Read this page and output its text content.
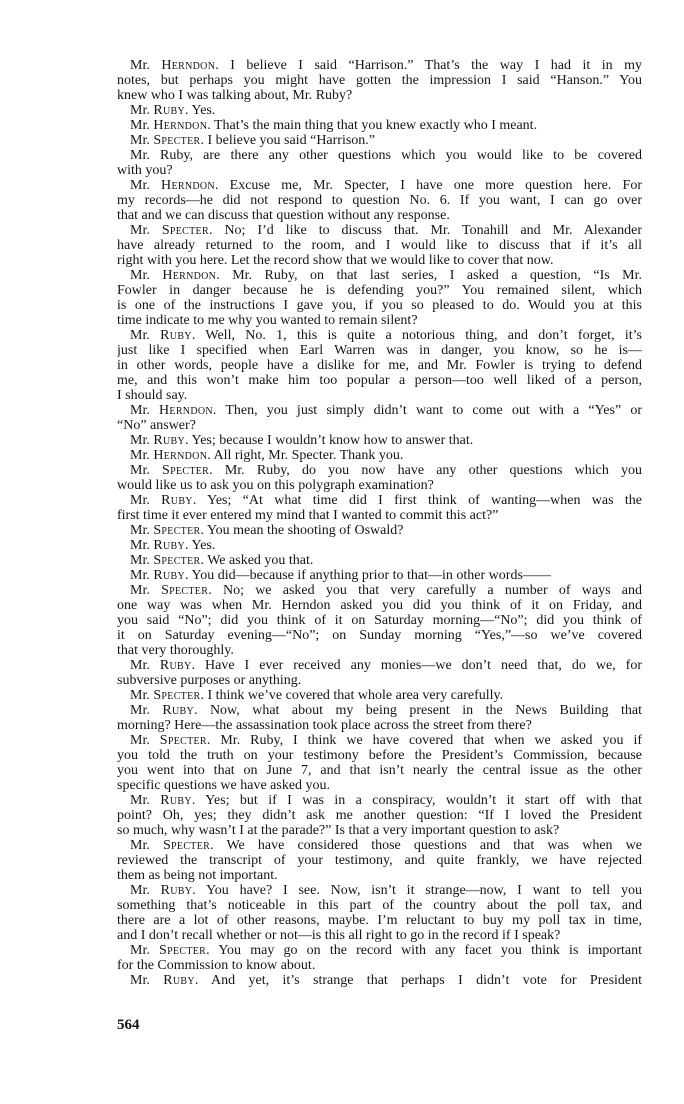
Mr. Herndon. I believe I said “Harrison.” That’s the way I had it in my
notes, but perhaps you might have gotten the impression I said “Hanson.” You
knew who I was talking about, Mr. Ruby?
Mr. Ruby. Yes.
Mr. Herndon. That’s the main thing that you knew exactly who I meant.
Mr. Specter. I believe you said “Harrison.”
Mr. Ruby, are there any other questions which you would like to be covered
with you?
Mr. Herndon. Excuse me, Mr. Specter, I have one more question here. For
my records—he did not respond to question No. 6. If you want, I can go over
that and we can discuss that question without any response.
Mr. Specter. No; I’d like to discuss that. Mr. Tonahill and Mr. Alexander
have already returned to the room, and I would like to discuss that if it’s all
right with you here. Let the record show that we would like to cover that now.
Mr. Herndon. Mr. Ruby, on that last series, I asked a question, “Is Mr.
Fowler in danger because he is defending you?” You remained silent, which
is one of the instructions I gave you, if you so pleased to do. Would you at this
time indicate to me why you wanted to remain silent?
Mr. Ruby. Well, No. 1, this is quite a notorious thing, and don’t forget, it’s
just like I specified when Earl Warren was in danger, you know, so he is—
in other words, people have a dislike for me, and Mr. Fowler is trying to defend
me, and this won’t make him too popular a person—too well liked of a person,
I should say.
Mr. Herndon. Then, you just simply didn’t want to come out with a “Yes” or
“No” answer?
Mr. Ruby. Yes; because I wouldn’t know how to answer that.
Mr. Herndon. All right, Mr. Specter. Thank you.
Mr. Specter. Mr. Ruby, do you now have any other questions which you
would like us to ask you on this polygraph examination?
Mr. Ruby. Yes; “At what time did I first think of wanting—when was the
first time it ever entered my mind that I wanted to commit this act?”
Mr. Specter. You mean the shooting of Oswald?
Mr. Ruby. Yes.
Mr. Specter. We asked you that.
Mr. Ruby. You did—because if anything prior to that—in other words——
Mr. Specter. No; we asked you that very carefully a number of ways and
one way was when Mr. Herndon asked you did you think of it on Friday, and
you said “No”; did you think of it on Saturday morning—“No”; did you think of
it on Saturday evening—“No”; on Sunday morning “Yes,”—so we’ve covered
that very thoroughly.
Mr. Ruby. Have I ever received any monies—we don’t need that, do we, for
subversive purposes or anything.
Mr. Specter. I think we’ve covered that whole area very carefully.
Mr. Ruby. Now, what about my being present in the News Building that
morning? Here—the assassination took place across the street from there?
Mr. Specter. Mr. Ruby, I think we have covered that when we asked you if
you told the truth on your testimony before the President’s Commission, because
you went into that on June 7, and that isn’t nearly the central issue as the other
specific questions we have asked you.
Mr. Ruby. Yes; but if I was in a conspiracy, wouldn’t it start off with that
point? Oh, yes; they didn’t ask me another question: “If I loved the President
so much, why wasn’t I at the parade?” Is that a very important question to ask?
Mr. Specter. We have considered those questions and that was when we
reviewed the transcript of your testimony, and quite frankly, we have rejected
them as being not important.
Mr. Ruby. You have? I see. Now, isn’t it strange—now, I want to tell you
something that’s noticeable in this part of the country about the poll tax, and
there are a lot of other reasons, maybe. I’m reluctant to buy my poll tax in time,
and I don’t recall whether or not—is this all right to go in the record if I speak?
Mr. Specter. You may go on the record with any facet you think is important
for the Commission to know about.
Mr. Ruby. And yet, it’s strange that perhaps I didn’t vote for President
564
